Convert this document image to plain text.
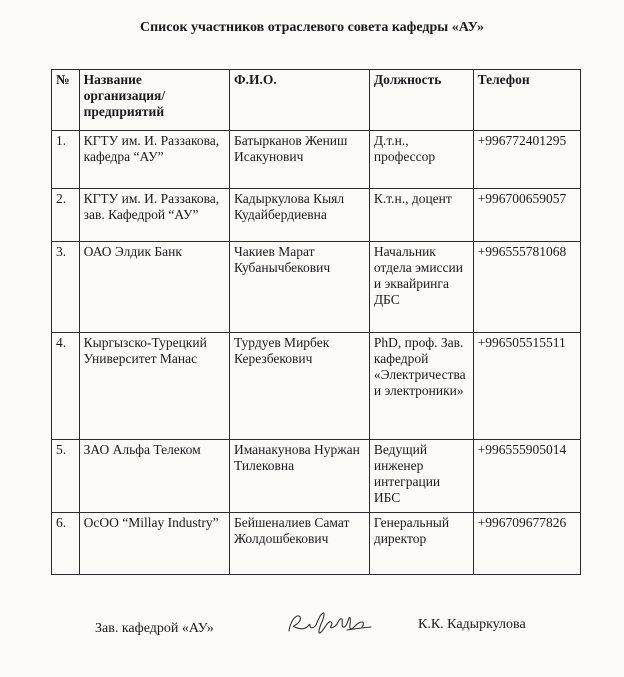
Список участников отраслевого совета кафедры «АУ»
№	Название организация/ предприятий	Ф.И.О.	Должность	Телефон
1.	КГТУ им. И. Раззакова, кафедра “АУ”	Батырканов Жениш Исакунович	Д.т.н., профессор	+996772401295
2.	КГТУ им. И. Раззакова, зав. Кафедрой “АУ”	Кадыркулова Кыял Кудайбердиевна	К.т.н., доцент	+996700659057
3.	ОАО Элдик Банк	Чакиев Марат Кубанычбекович	Начальник отдела эмиссии и эквайринга ДБС	+996555781068
4.	Кыргызско-Турецкий Университет Манас	Турдуев Мирбек Керезбекович	PhD, проф. Зав. кафедрой «Электричества и электроники»	+996505515511
5.	ЗАО Альфа Телеком	Иманакунова Нуржан Тилековна	Ведущий инженер интеграции ИБС	+996555905014
6.	ОсОО “Millay Industry”	Бейшеналиев Самат Жолдошбекович	Генеральный директор	+996709677826
Зав. кафедрой «АУ»	К.К. Кадыркулова
